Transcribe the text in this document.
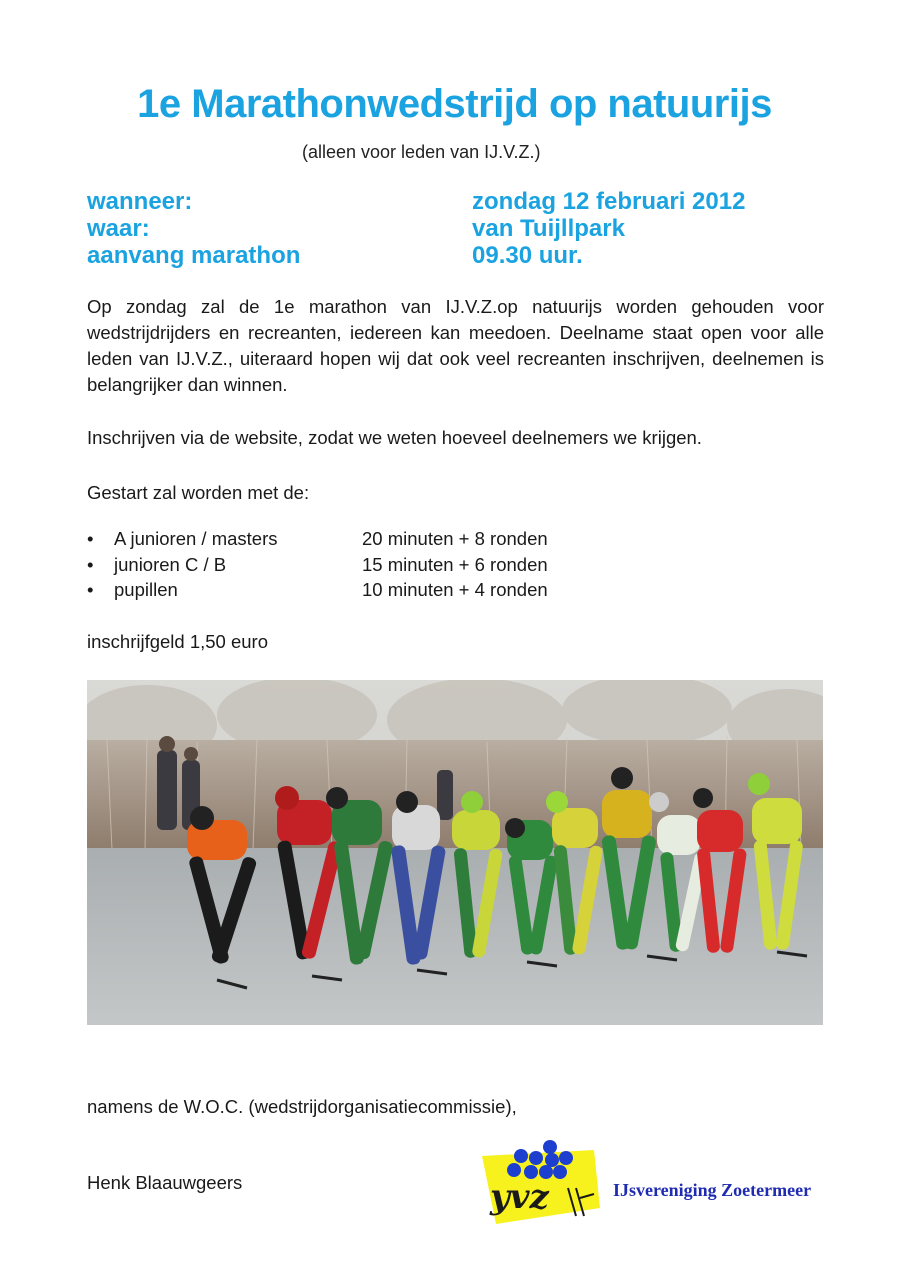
1e Marathonwedstrijd op natuurijs
(alleen voor leden van IJ.V.Z.)
wanneer:	zondag 12 februari 2012
waar:	van Tuijllpark
aanvang marathon	09.30 uur.
Op zondag zal de 1e marathon van IJ.V.Z.op natuurijs worden gehouden voor wedstrijdrijders en recreanten, iedereen kan meedoen. Deelname staat open voor alle leden van IJ.V.Z., uiteraard hopen wij dat ook veel recreanten inschrijven, deelnemen is belangrijker dan winnen.
Inschrijven via de website, zodat we weten hoeveel deelnemers we krijgen.
Gestart zal worden met de:
• A junioren / masters	20 minuten + 8 ronden
• junioren C / B	15 minuten + 6 ronden
• pupillen	10 minuten + 4 ronden
inschrijfgeld 1,50 euro
namens de W.O.C. (wedstrijdorganisatiecommissie),
Henk Blaauwgeers	yvz	IJsvereniging Zoetermeer
